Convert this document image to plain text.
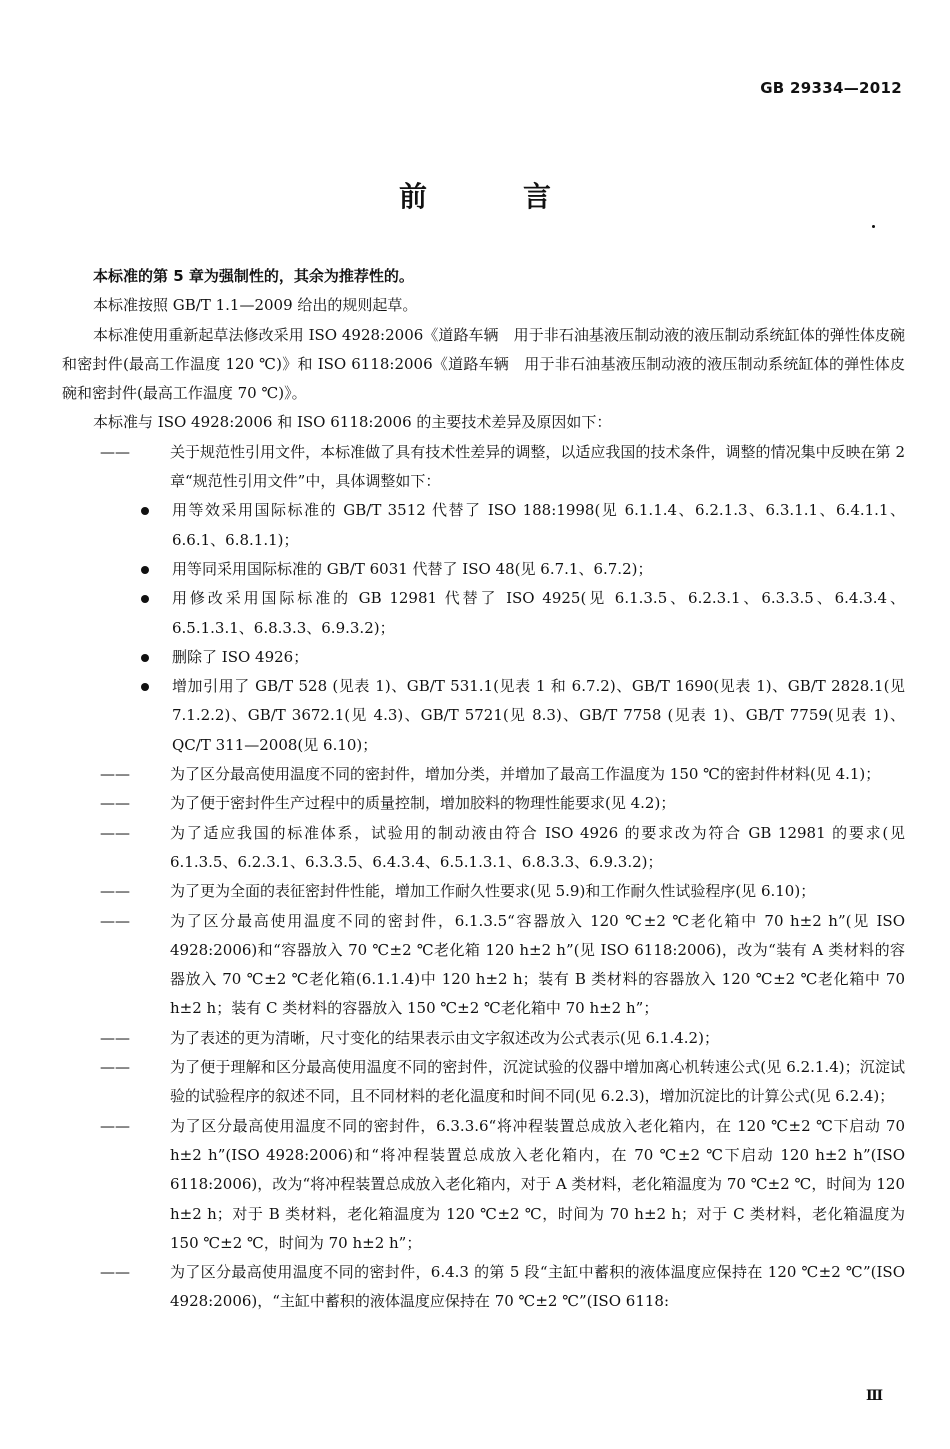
GB 29334—2012
前　言

本标准的第 5 章为强制性的，其余为推荐性的。

本标准按照 GB/T 1.1—2009 给出的规则起草。

本标准使用重新起草法修改采用 ISO 4928:2006《道路车辆　用于非石油基液压制动液的液压制动系统缸体的弹性体皮碗和密封件(最高工作温度 120 ℃)》和 ISO 6118:2006《道路车辆　用于非石油基液压制动液的液压制动系统缸体的弹性体皮碗和密封件(最高工作温度 70 ℃)》。

本标准与 ISO 4928:2006 和 ISO 6118:2006 的主要技术差异及原因如下：

——	关于规范性引用文件，本标准做了具有技术性差异的调整，以适应我国的技术条件，调整的情况集中反映在第 2 章“规范性引用文件”中，具体调整如下：

用等效采用国际标准的 GB/T 3512 代替了 ISO 188:1998(见 6.1.1.4、6.2.1.3、6.3.1.1、6.4.1.1、6.6.1、6.8.1.1)；
用等同采用国际标准的 GB/T 6031 代替了 ISO 48(见 6.7.1、6.7.2)；
用修改采用国际标准的 GB 12981 代替了 ISO 4925(见 6.1.3.5、6.2.3.1、6.3.3.5、6.4.3.4、6.5.1.3.1、6.8.3.3、6.9.3.2)；
删除了 ISO 4926；
增加引用了 GB/T 528 (见表 1)、GB/T 531.1(见表 1 和 6.7.2)、GB/T 1690(见表 1)、GB/T 2828.1(见 7.1.2.2)、GB/T 3672.1(见 4.3)、GB/T 5721(见 8.3)、GB/T 7758 (见表 1)、GB/T 7759(见表 1)、QC/T 311—2008(见 6.10)；

——	为了区分最高使用温度不同的密封件，增加分类，并增加了最高工作温度为 150 ℃的密封件材料(见 4.1)；

——	为了便于密封件生产过程中的质量控制，增加胶料的物理性能要求(见 4.2)；

——	为了适应我国的标准体系，试验用的制动液由符合 ISO 4926 的要求改为符合 GB 12981 的要求(见 6.1.3.5、6.2.3.1、6.3.3.5、6.4.3.4、6.5.1.3.1、6.8.3.3、6.9.3.2)；

——	为了更为全面的表征密封件性能，增加工作耐久性要求(见 5.9)和工作耐久性试验程序(见 6.10)；

——	为了区分最高使用温度不同的密封件，6.1.3.5“容器放入 120 ℃±2 ℃老化箱中 70 h±2 h”(见 ISO 4928:2006)和“容器放入 70 ℃±2 ℃老化箱 120 h±2 h”(见 ISO 6118:2006)，改为“装有 A 类材料的容器放入 70 ℃±2 ℃老化箱(6.1.1.4)中 120 h±2 h；装有 B 类材料的容器放入 120 ℃±2 ℃老化箱中 70 h±2 h；装有 C 类材料的容器放入 150 ℃±2 ℃老化箱中 70 h±2 h”；

——	为了表述的更为清晰，尺寸变化的结果表示由文字叙述改为公式表示(见 6.1.4.2)；

——	为了便于理解和区分最高使用温度不同的密封件，沉淀试验的仪器中增加离心机转速公式(见 6.2.1.4)；沉淀试验的试验程序的叙述不同，且不同材料的老化温度和时间不同(见 6.2.3)，增加沉淀比的计算公式(见 6.2.4)；

——	为了区分最高使用温度不同的密封件，6.3.3.6“将冲程装置总成放入老化箱内，在 120 ℃±2 ℃下启动 70 h±2 h”(ISO 4928:2006)和“将冲程装置总成放入老化箱内，在 70 ℃±2 ℃下启动 120 h±2 h”(ISO 6118:2006)，改为“将冲程装置总成放入老化箱内，对于 A 类材料，老化箱温度为 70 ℃±2 ℃，时间为 120 h±2 h；对于 B 类材料，老化箱温度为 120 ℃±2 ℃，时间为 70 h±2 h；对于 C 类材料，老化箱温度为 150 ℃±2 ℃，时间为 70 h±2 h”；

——	为了区分最高使用温度不同的密封件，6.4.3 的第 5 段“主缸中蓄积的液体温度应保持在 120 ℃±2 ℃”(ISO 4928:2006)，“主缸中蓄积的液体温度应保持在 70 ℃±2 ℃”(ISO 6118:

Ⅲ
